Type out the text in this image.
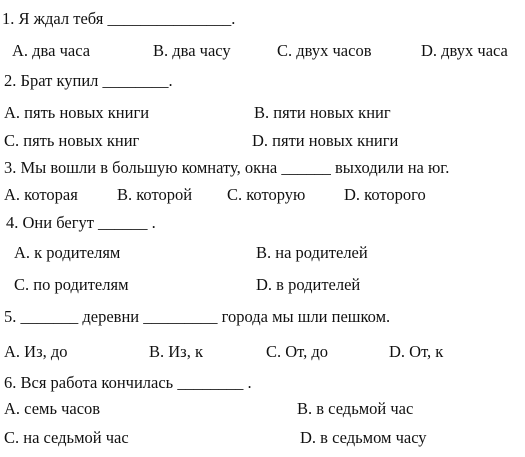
1. Я ждал тебя _______________.
A. два часа	B. два часу	C. двух часов	D. двух часа
2. Брат купил ________.
A. пять новых книги	B. пяти новых книг
C. пять новых книг	D. пяти новых книги
3. Мы вошли в большую комнату, окна ______ выходили на юг.
A. которая B. которой C. которую D. которого
4. Они бегут ______ .
A. к родителям	B. на родителей
C. по родителям	D. в родителей
5. _______ деревни _________ города мы шли пешком.
A. Из, до	B. Из, к	C. От, до	D. От, к
6. Вся работа кончилась ________ .
A. семь часов	B. в седьмой час
C. на седьмой час	D. в седьмом часу
